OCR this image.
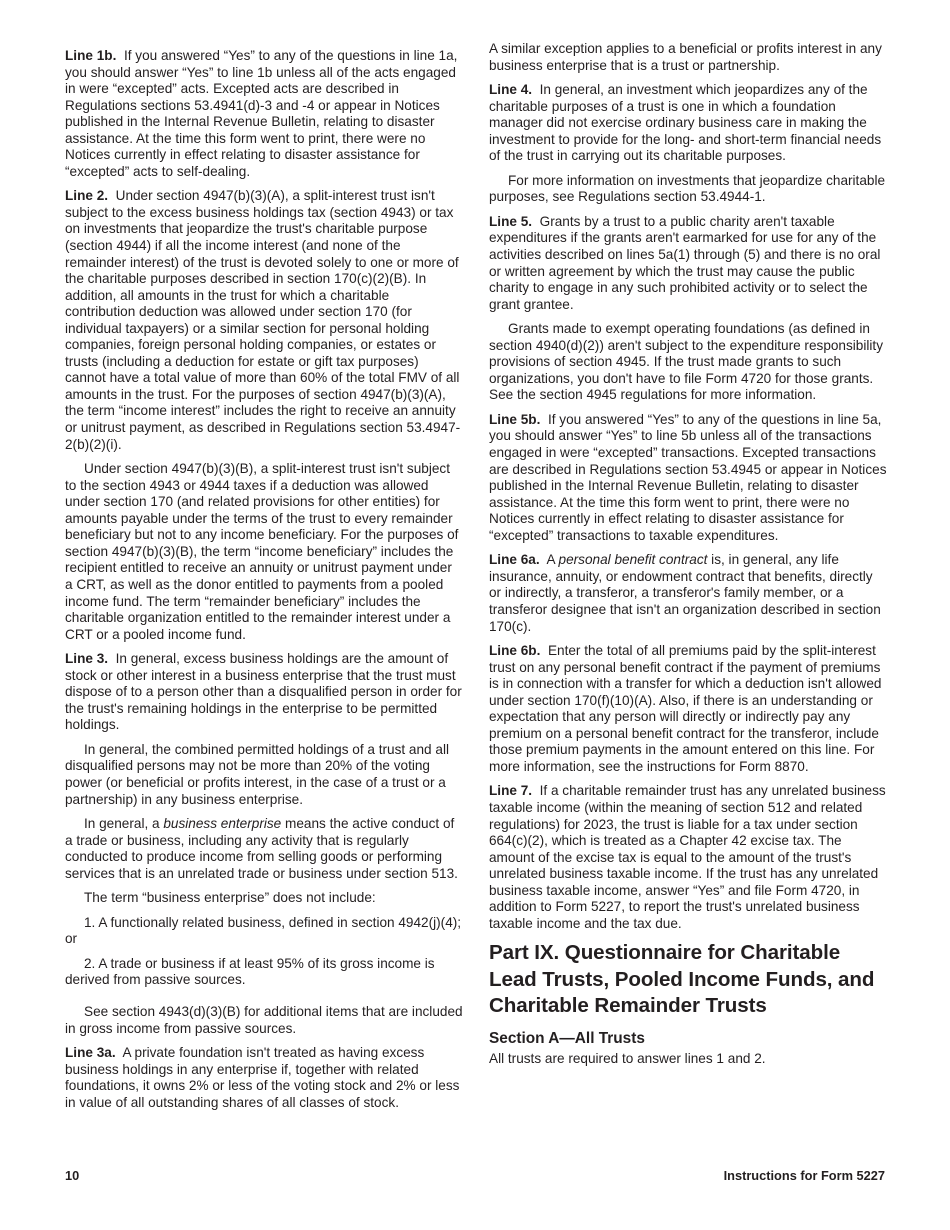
Line 1b. If you answered “Yes” to any of the questions in line 1a, you should answer “Yes” to line 1b unless all of the acts engaged in were “excepted” acts. Excepted acts are described in Regulations sections 53.4941(d)-3 and -4 or appear in Notices published in the Internal Revenue Bulletin, relating to disaster assistance. At the time this form went to print, there were no Notices currently in effect relating to disaster assistance for “excepted” acts to self-dealing.

Line 2. Under section 4947(b)(3)(A), a split-interest trust isn't subject to the excess business holdings tax (section 4943) or tax on investments that jeopardize the trust's charitable purpose (section 4944) if all the income interest (and none of the remainder interest) of the trust is devoted solely to one or more of the charitable purposes described in section 170(c)(2)(B). In addition, all amounts in the trust for which a charitable contribution deduction was allowed under section 170 (for individual taxpayers) or a similar section for personal holding companies, foreign personal holding companies, or estates or trusts (including a deduction for estate or gift tax purposes) cannot have a total value of more than 60% of the total FMV of all amounts in the trust. For the purposes of section 4947(b)(3)(A), the term “income interest” includes the right to receive an annuity or unitrust payment, as described in Regulations section 53.4947-2(b)(2)(i).

Under section 4947(b)(3)(B), a split-interest trust isn't subject to the section 4943 or 4944 taxes if a deduction was allowed under section 170 (and related provisions for other entities) for amounts payable under the terms of the trust to every remainder beneficiary but not to any income beneficiary. For the purposes of section 4947(b)(3)(B), the term “income beneficiary” includes the recipient entitled to receive an annuity or unitrust payment under a CRT, as well as the donor entitled to payments from a pooled income fund. The term “remainder beneficiary” includes the charitable organization entitled to the remainder interest under a CRT or a pooled income fund.

Line 3. In general, excess business holdings are the amount of stock or other interest in a business enterprise that the trust must dispose of to a person other than a disqualified person in order for the trust's remaining holdings in the enterprise to be permitted holdings.

In general, the combined permitted holdings of a trust and all disqualified persons may not be more than 20% of the voting power (or beneficial or profits interest, in the case of a trust or a partnership) in any business enterprise.

In general, a business enterprise means the active conduct of a trade or business, including any activity that is regularly conducted to produce income from selling goods or performing services that is an unrelated trade or business under section 513.

The term “business enterprise” does not include:

1. A functionally related business, defined in section 4942(j)(4); or

2. A trade or business if at least 95% of its gross income is derived from passive sources.

See section 4943(d)(3)(B) for additional items that are included in gross income from passive sources.

Line 3a. A private foundation isn't treated as having excess business holdings in any enterprise if, together with related foundations, it owns 2% or less of the voting stock and 2% or less in value of all outstanding shares of all classes of stock.

A similar exception applies to a beneficial or profits interest in any business enterprise that is a trust or partnership.

Line 4. In general, an investment which jeopardizes any of the charitable purposes of a trust is one in which a foundation manager did not exercise ordinary business care in making the investment to provide for the long- and short-term financial needs of the trust in carrying out its charitable purposes.

For more information on investments that jeopardize charitable purposes, see Regulations section 53.4944-1.

Line 5. Grants by a trust to a public charity aren't taxable expenditures if the grants aren't earmarked for use for any of the activities described on lines 5a(1) through (5) and there is no oral or written agreement by which the trust may cause the public charity to engage in any such prohibited activity or to select the grant grantee.

Grants made to exempt operating foundations (as defined in section 4940(d)(2)) aren't subject to the expenditure responsibility provisions of section 4945. If the trust made grants to such organizations, you don't have to file Form 4720 for those grants. See the section 4945 regulations for more information.

Line 5b. If you answered “Yes” to any of the questions in line 5a, you should answer “Yes” to line 5b unless all of the transactions engaged in were “excepted” transactions. Excepted transactions are described in Regulations section 53.4945 or appear in Notices published in the Internal Revenue Bulletin, relating to disaster assistance. At the time this form went to print, there were no Notices currently in effect relating to disaster assistance for “excepted” transactions to taxable expenditures.

Line 6a. A personal benefit contract is, in general, any life insurance, annuity, or endowment contract that benefits, directly or indirectly, a transferor, a transferor's family member, or a transferor designee that isn't an organization described in section 170(c).

Line 6b. Enter the total of all premiums paid by the split-interest trust on any personal benefit contract if the payment of premiums is in connection with a transfer for which a deduction isn't allowed under section 170(f)(10)(A). Also, if there is an understanding or expectation that any person will directly or indirectly pay any premium on a personal benefit contract for the transferor, include those premium payments in the amount entered on this line. For more information, see the instructions for Form 8870.

Line 7. If a charitable remainder trust has any unrelated business taxable income (within the meaning of section 512 and related regulations) for 2023, the trust is liable for a tax under section 664(c)(2), which is treated as a Chapter 42 excise tax. The amount of the excise tax is equal to the amount of the trust's unrelated business taxable income. If the trust has any unrelated business taxable income, answer “Yes” and file Form 4720, in addition to Form 5227, to report the trust's unrelated business taxable income and the tax due.

Part IX. Questionnaire for Charitable Lead Trusts, Pooled Income Funds, and Charitable Remainder Trusts
Section A—All Trusts

All trusts are required to answer lines 1 and 2.

10	Instructions for Form 5227
